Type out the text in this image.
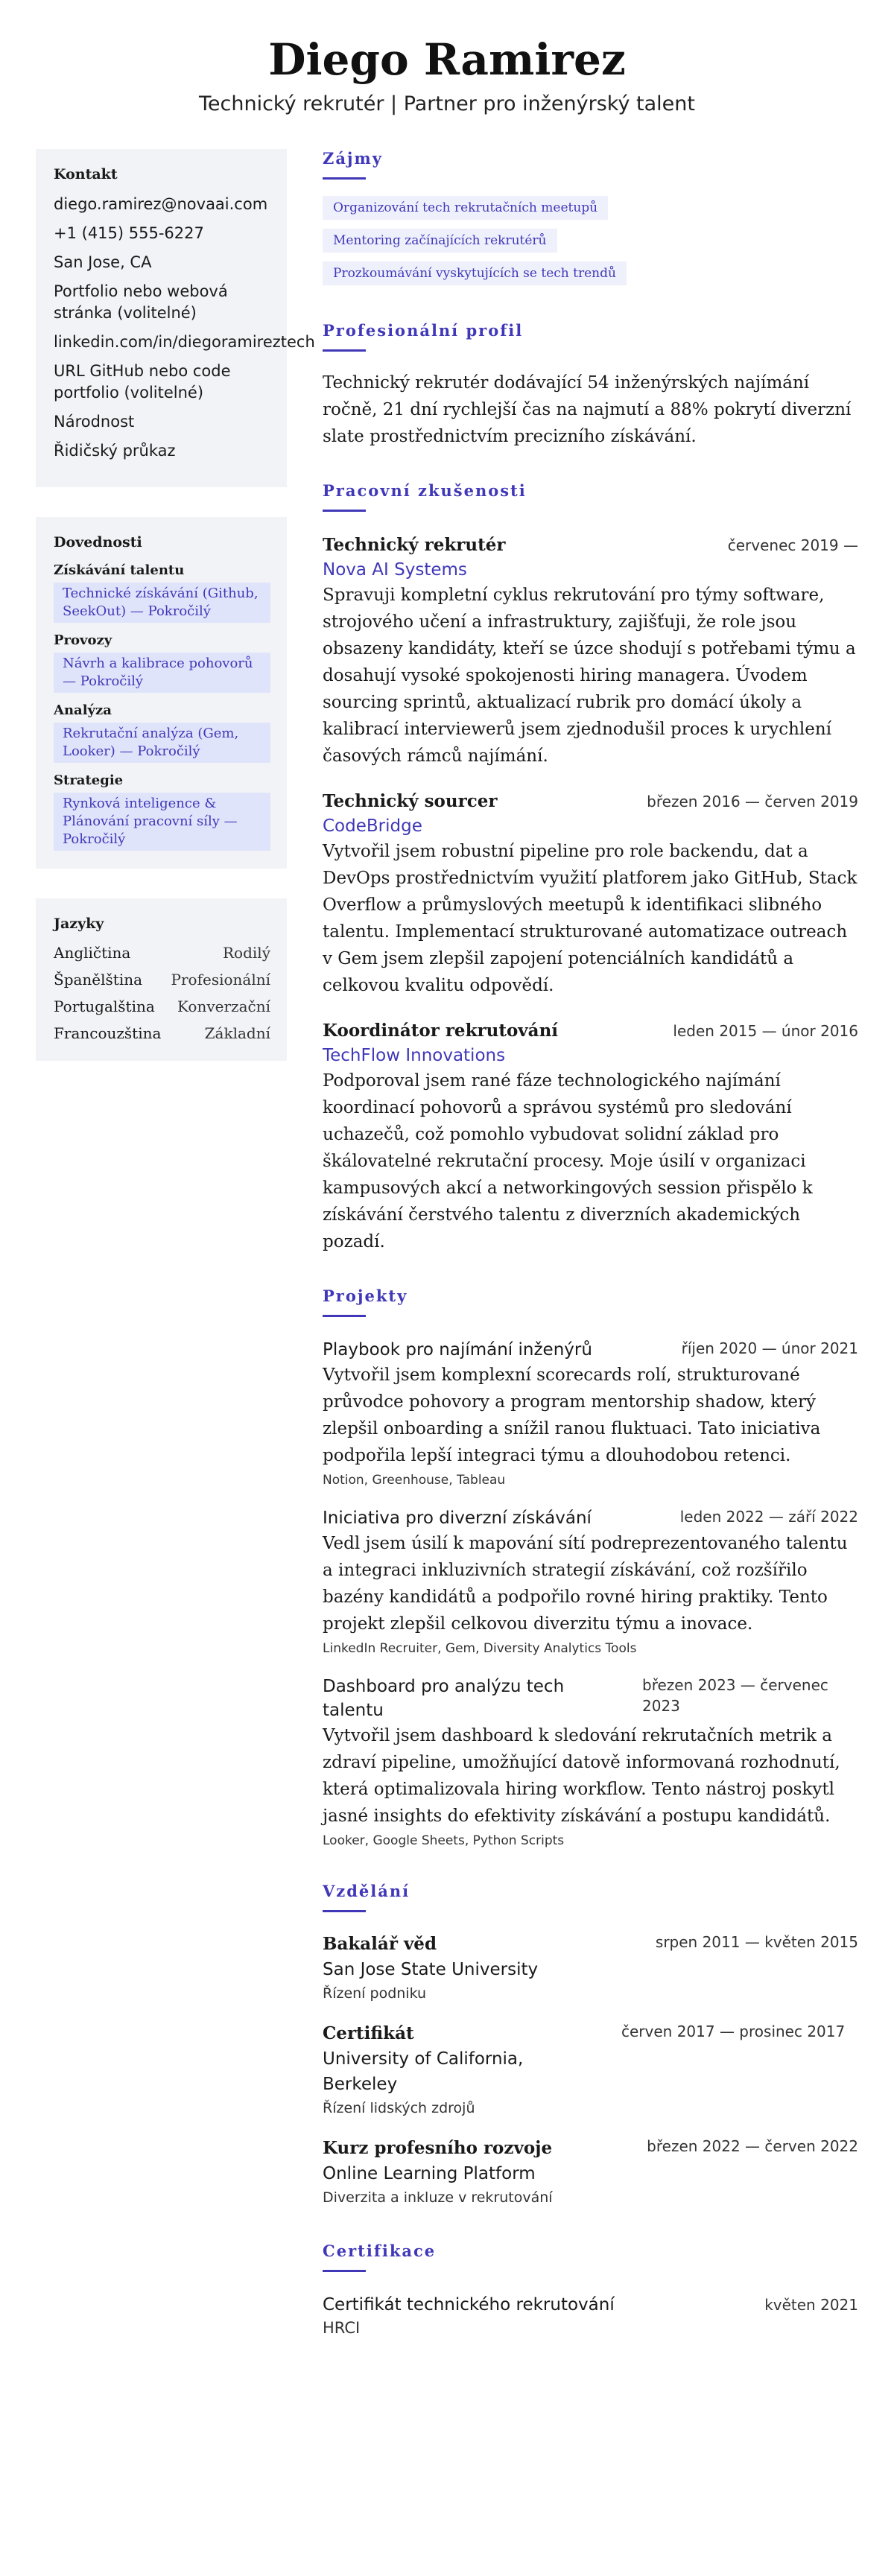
Diego Ramirez
Technický rekrutér | Partner pro inženýrský talent
Kontakt
diego.ramirez@novaai.com
+1 (415) 555-6227
San Jose, CA
Portfolio nebo webová stránka (volitelné)
linkedin.com/in/diegoramireztech
URL GitHub nebo code portfolio (volitelné)
Národnost
Řidičský průkaz
Dovednosti
Získávání talentu
Technické získávání (Github, SeekOut) — Pokročilý
Provozy
Návrh a kalibrace pohovorů — Pokročilý
Analýza
Rekrutační analýza (Gem, Looker) — Pokročilý
Strategie
Rynková inteligence & Plánování pracovní síly — Pokročilý
Jazyky
Angličtina	Rodilý
Španělština Profesionální
Portugalština Konverzační
Francouzština	Základní
Zájmy
Organizování tech rekrutačních meetupů
Mentoring začínajících rekrutérů
Prozkoumávání vyskytujících se tech trendů
Profesionální profil
Technický rekrutér dodávající 54 inženýrských najímání ročně, 21 dní rychlejší čas na najmutí a 88% pokrytí diverzní slate prostřednictvím precizního získávání.
Pracovní zkušenosti
Technický rekrutér	červenec 2019 —
Nova AI Systems
Spravuji kompletní cyklus rekrutování pro týmy software, strojového učení a infrastruktury, zajišťuji, že role jsou obsazeny kandidáty, kteří se úzce shodují s potřebami týmu a dosahují vysoké spokojenosti hiring managera. Úvodem sourcing sprintů, aktualizací rubrik pro domácí úkoly a kalibrací interviewerů jsem zjednodušil proces k urychlení časových rámců najímání.
Technický sourcer	březen 2016 — červen 2019
CodeBridge
Vytvořil jsem robustní pipeline pro role backendu, dat a DevOps prostřednictvím využití platforem jako GitHub, Stack Overflow a průmyslových meetupů k identifikaci slibného talentu. Implementací strukturované automatizace outreach v Gem jsem zlepšil zapojení potenciálních kandidátů a celkovou kvalitu odpovědí.
Koordinátor rekrutování	leden 2015 — únor 2016
TechFlow Innovations
Podporoval jsem rané fáze technologického najímání koordinací pohovorů a správou systémů pro sledování uchazečů, což pomohlo vybudovat solidní základ pro škálovatelné rekrutační procesy. Moje úsilí v organizaci kampusových akcí a networkingových session přispělo k získávání čerstvého talentu z diverzních akademických pozadí.
Projekty
Playbook pro najímání inženýrů	říjen 2020 — únor 2021
Vytvořil jsem komplexní scorecards rolí, strukturované průvodce pohovory a program mentorship shadow, který zlepšil onboarding a snížil ranou fluktuaci. Tato iniciativa podpořila lepší integraci týmu a dlouhodobou retenci.
Notion, Greenhouse, Tableau
Iniciativa pro diverzní získávání	leden 2022 — září 2022
Vedl jsem úsilí k mapování sítí podreprezentovaného talentu a integraci inkluzivních strategií získávání, což rozšířilo bazény kandidátů a podpořilo rovné hiring praktiky. Tento projekt zlepšil celkovou diverzitu týmu a inovace.
LinkedIn Recruiter, Gem, Diversity Analytics Tools
Dashboard pro analýzu tech talentu
březen 2023 — červenec 2023
Vytvořil jsem dashboard k sledování rekrutačních metrik a zdraví pipeline, umožňující datově informovaná rozhodnutí, která optimalizovala hiring workflow. Tento nástroj poskytl jasné insights do efektivity získávání a postupu kandidátů.
Looker, Google Sheets, Python Scripts
Vzdělání
Bakalář věd	srpen 2011 — květen 2015
San Jose State University
Řízení podniku
Certifikát	červen 2017 — prosinec 2017
University of California, Berkeley
Řízení lidských zdrojů
Kurz profesního rozvoje	březen 2022 — červen 2022
Online Learning Platform
Diverzita a inkluze v rekrutování
Certifikace
Certifikát technického rekrutování	květen 2021
HRCI
